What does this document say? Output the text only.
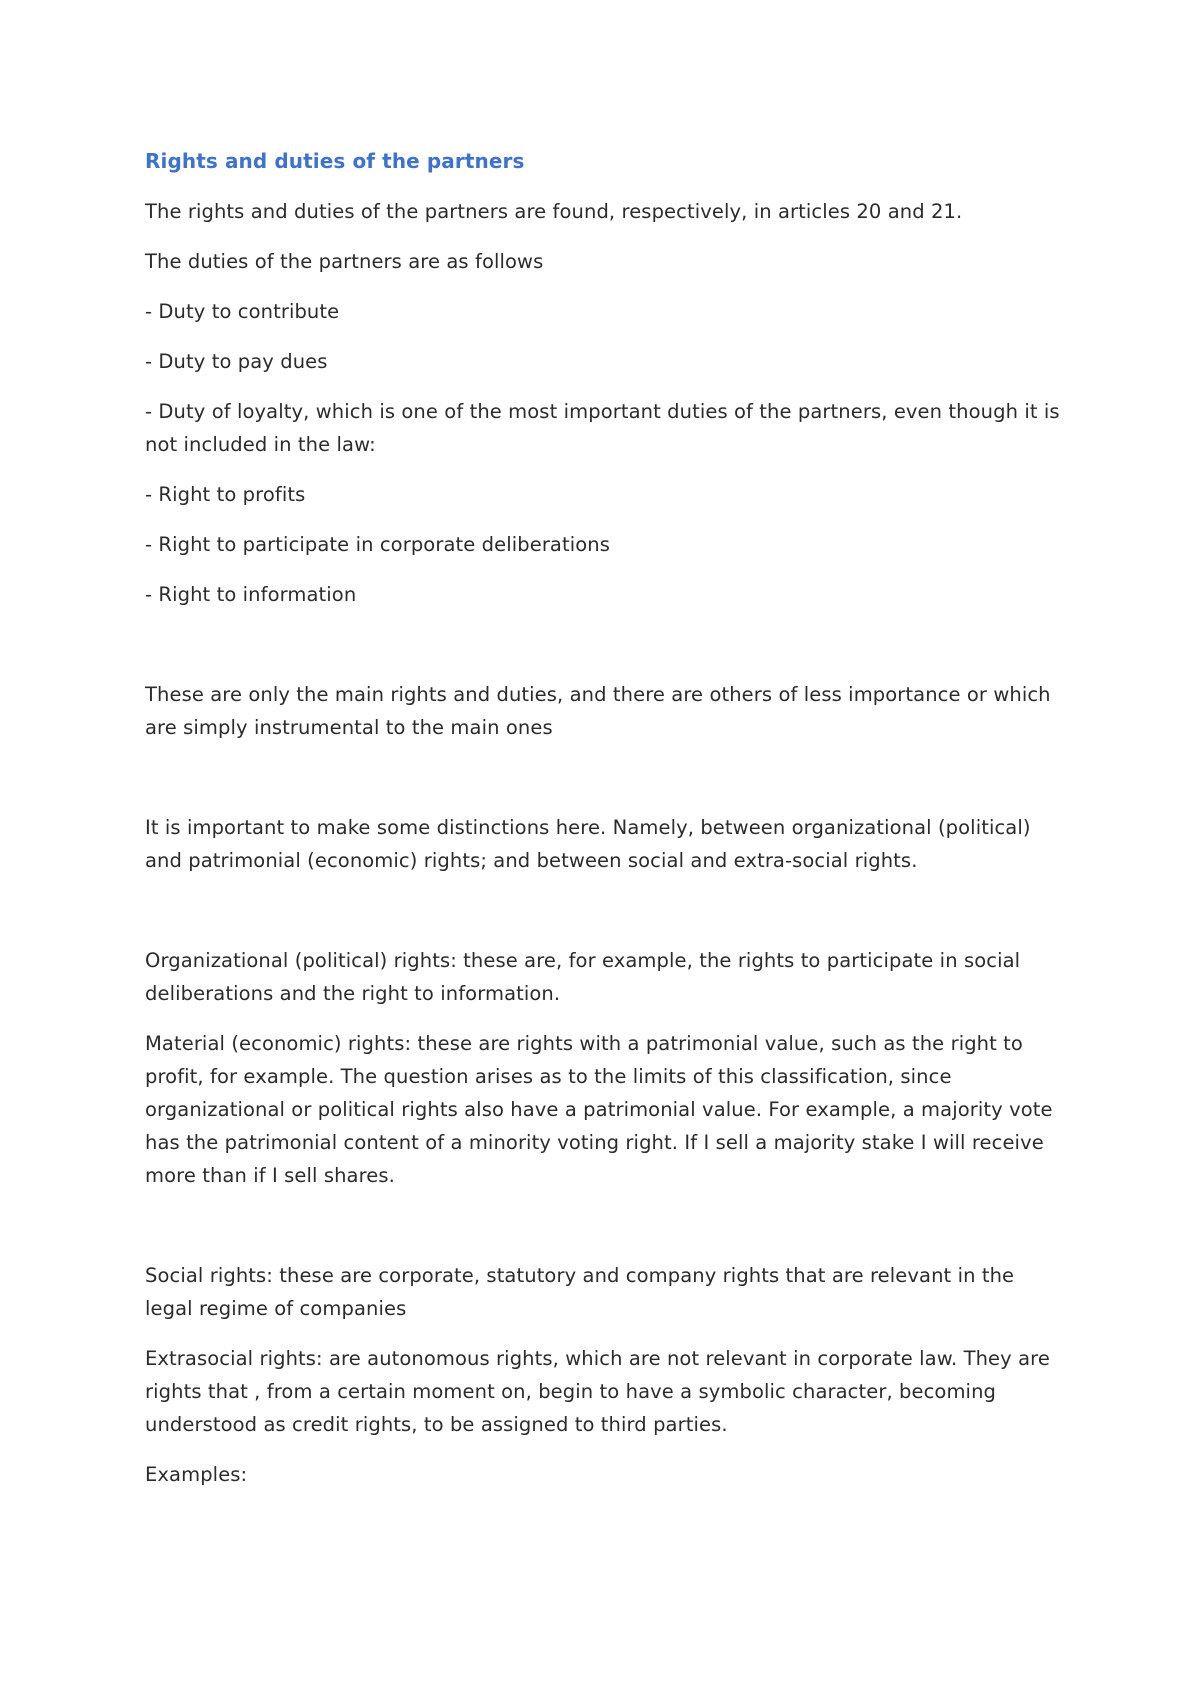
Rights and duties of the partners
The rights and duties of the partners are found, respectively, in articles 20 and 21.
The duties of the partners are as follows
- Duty to contribute
- Duty to pay dues
- Duty of loyalty, which is one of the most important duties of the partners, even though it is not included in the law:
- Right to profits
- Right to participate in corporate deliberations
- Right to information
These are only the main rights and duties, and there are others of less importance or which are simply instrumental to the main ones
It is important to make some distinctions here. Namely, between organizational (political) and patrimonial (economic) rights; and between social and extra-social rights.
Organizational (political) rights: these are, for example, the rights to participate in social deliberations and the right to information.
Material (economic) rights: these are rights with a patrimonial value, such as the right to profit, for example. The question arises as to the limits of this classification, since organizational or political rights also have a patrimonial value. For example, a majority vote has the patrimonial content of a minority voting right. If I sell a majority stake I will receive more than if I sell shares.
Social rights: these are corporate, statutory and company rights that are relevant in the legal regime of companies
Extrasocial rights: are autonomous rights, which are not relevant in corporate law. They are rights that , from a certain moment on, begin to have a symbolic character, becoming understood as credit rights, to be assigned to third parties.
Examples:
